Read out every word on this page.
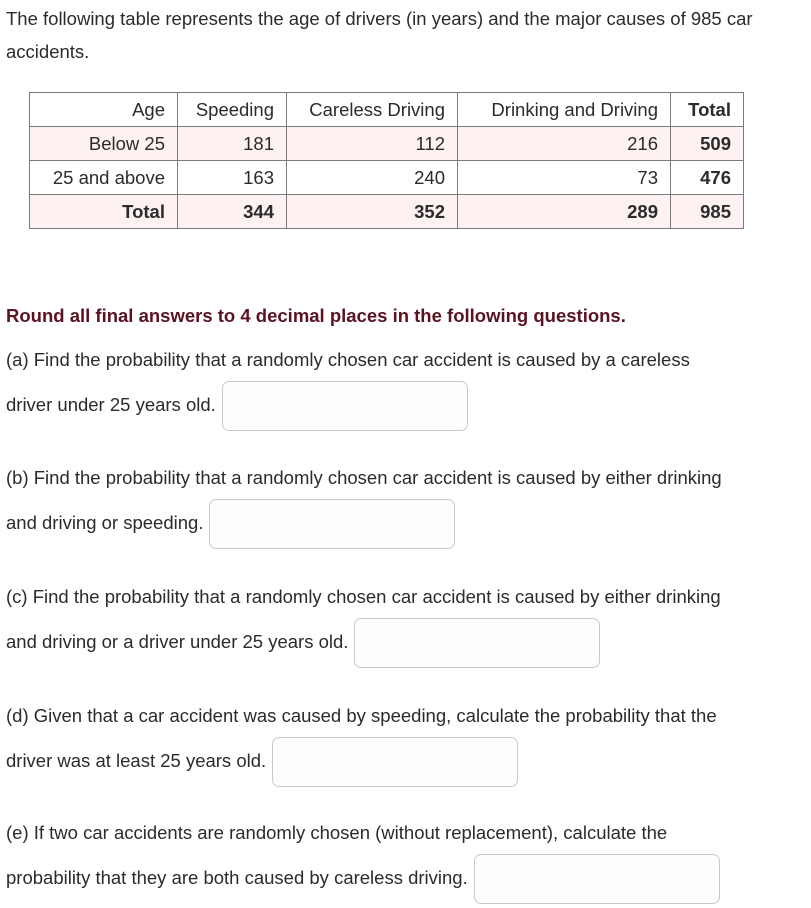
The following table represents the age of drivers (in years) and the major causes of 985 car accidents.
Age	Speeding	Careless Driving	Drinking and Driving	Total
Below 25	181	112	216	509
25 and above	163	240	73	476
Total	344	352	289	985
Round all final answers to 4 decimal places in the following questions.
(a) Find the probability that a randomly chosen car accident is caused by a careless
driver under 25 years old.
(b) Find the probability that a randomly chosen car accident is caused by either drinking
and driving or speeding.
(c) Find the probability that a randomly chosen car accident is caused by either drinking
and driving or a driver under 25 years old.
(d) Given that a car accident was caused by speeding, calculate the probability that the
driver was at least 25 years old.
(e) If two car accidents are randomly chosen (without replacement), calculate the
probability that they are both caused by careless driving.
